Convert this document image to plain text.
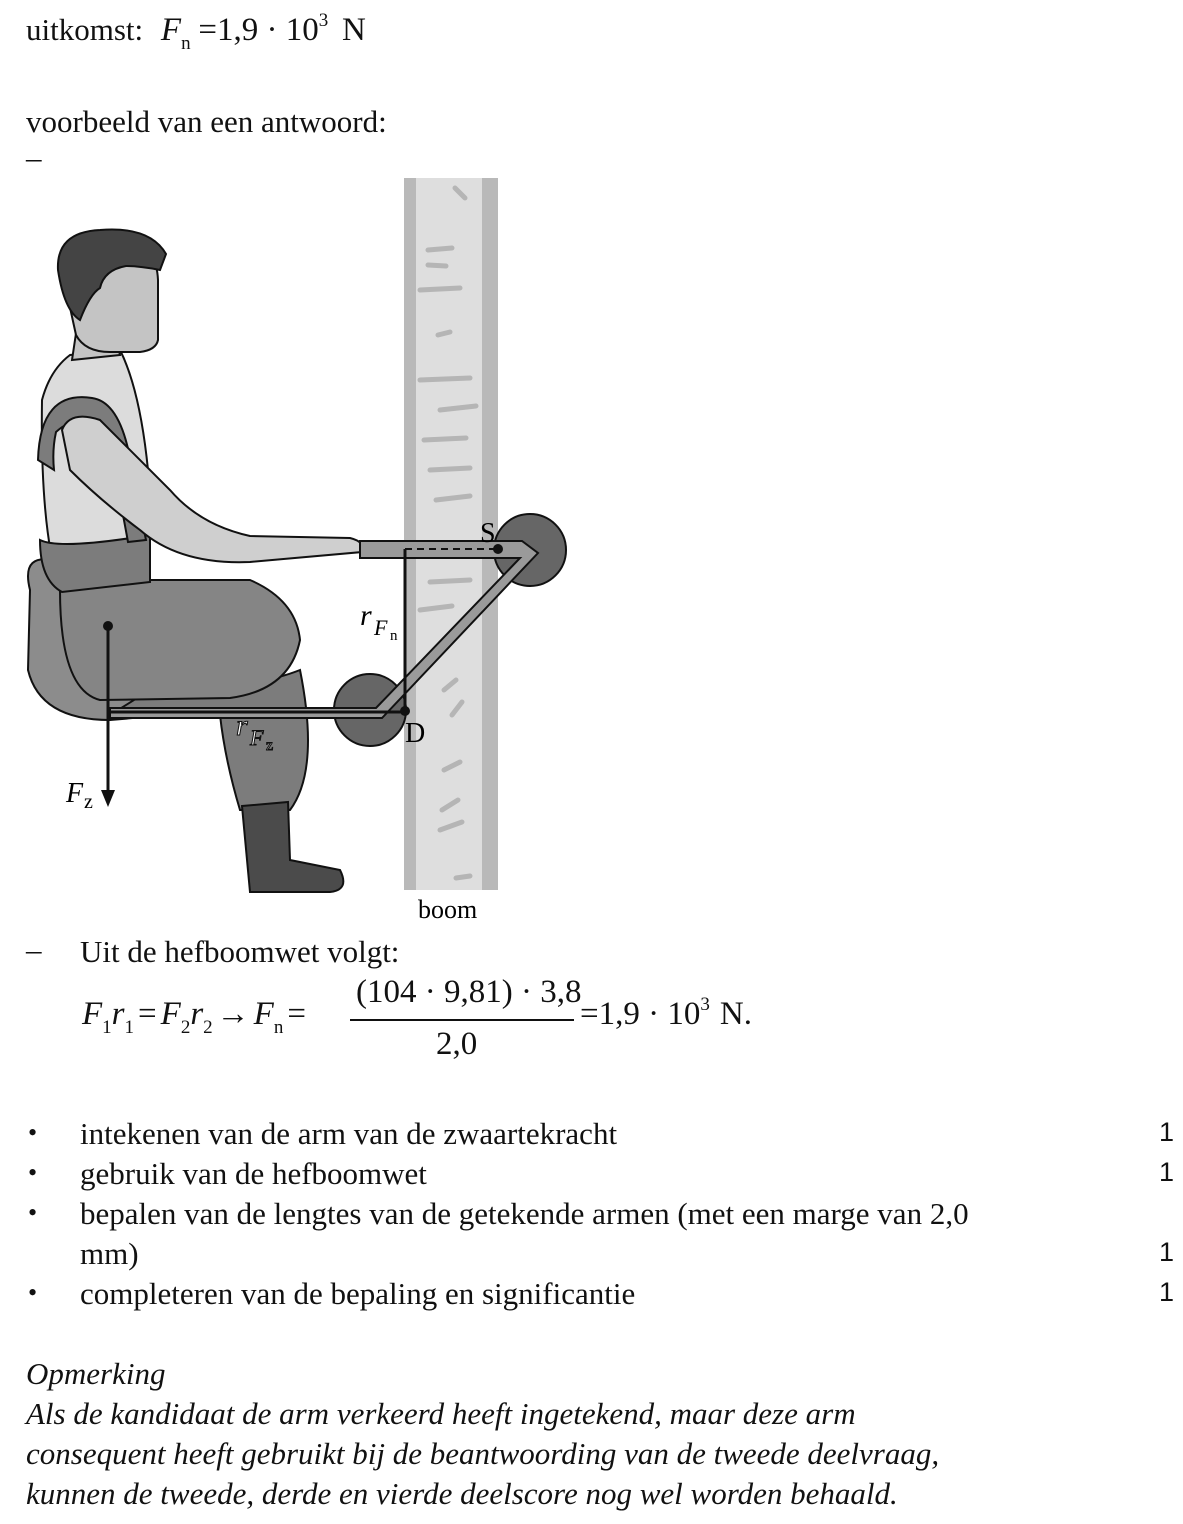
uitkomst: $F_n =1,9 \cdot 10^3$ N
voorbeeld van een antwoord:
–
S
D
r F n
r F z
F z
boom
– Uit de hefboomwet volgt:
F1r1 = F2r2 → Fn =
(104 · 9,81) · 3,8
2,0
=1,9 · 103 N.
• intekenen van de arm van de zwaartekracht	1
• gebruik van de hefboomwet	1
• bepalen van de lengtes van de getekende armen (met een marge van 2,0
mm)	1
• completeren van de bepaling en significantie	1
Opmerking
Als de kandidaat de arm verkeerd heeft ingetekend, maar deze arm
consequent heeft gebruikt bij de beantwoording van de tweede deelvraag,
kunnen de tweede, derde en vierde deelscore nog wel worden behaald.
